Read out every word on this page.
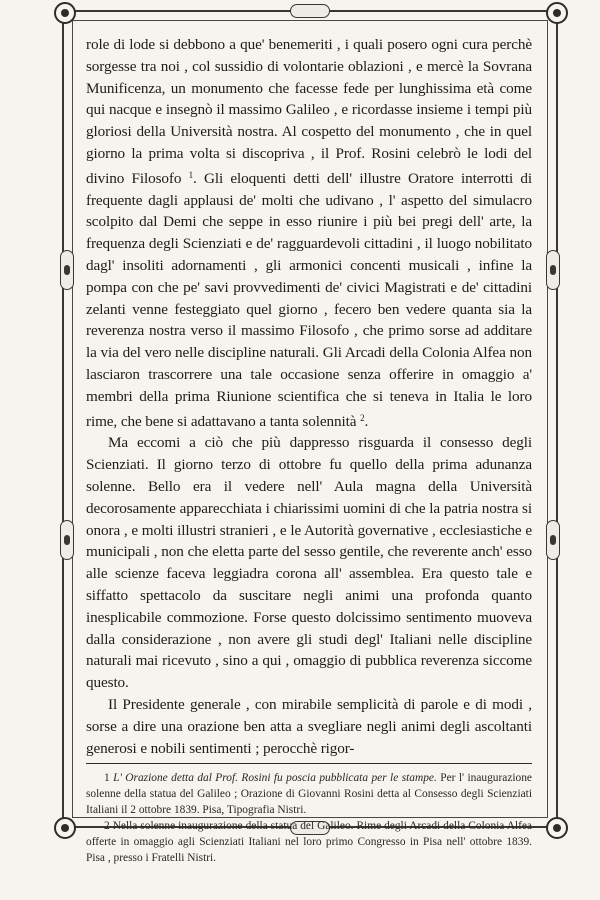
role di lode si debbono a que' benemeriti , i quali posero ogni cura perchè sorgesse tra noi , col sussidio di volontarie oblazioni , e mercè la Sovrana Munificenza, un monumento che facesse fede per lunghissima età come qui nacque e insegnò il massimo Galileo , e ricordasse insieme i tempi più gloriosi della Università nostra. Al cospetto del monumento , che in quel giorno la prima volta si discopriva , il Prof. Rosini celebrò le lodi del divino Filosofo $^1$. Gli eloquenti detti dell' illustre Oratore interrotti di frequente dagli applausi de' molti che udivano , l' aspetto del simulacro scolpito dal Demi che seppe in esso riunire i più bei pregi dell' arte, la frequenza degli Scienziati e de' ragguardevoli cittadini , il luogo nobilitato dagl' insoliti adornamenti , gli armonici concenti musicali , infine la pompa con che pe' savi provvedimenti de' civici Magistrati e de' cittadini zelanti venne festeggiato quel giorno , fecero ben vedere quanta sia la reverenza nostra verso il massimo Filosofo , che primo sorse ad additare la via del vero nelle discipline naturali. Gli Arcadi della Colonia Alfea non lasciaron trascorrere una tale occasione senza offerire in omaggio a' membri della prima Riunione scientifica che si teneva in Italia le loro rime, che bene si adattavano a tanta solennità $^2$.

Ma eccomi a ciò che più dappresso risguarda il consesso degli Scienziati. Il giorno terzo di ottobre fu quello della prima adunanza solenne. Bello era il vedere nell' Aula magna della Università decorosamente apparecchiata i chiarissimi uomini di che la patria nostra si onora , e molti illustri stranieri , e le Autorità governative , ecclesiastiche e municipali , non che eletta parte del sesso gentile, che reverente anch' esso alle scienze faceva leggiadra corona all' assemblea. Era questo tale e siffatto spettacolo da suscitare negli animi una profonda quanto inesplicabile commozione. Forse questo dolcissimo sentimento muoveva dalla considerazione , non avere gli studi degl' Italiani nelle discipline naturali mai ricevuto , sino a qui , omaggio di pubblica reverenza siccome questo.

Il Presidente generale , con mirabile semplicità di parole e di modi , sorse a dire una orazione ben atta a svegliare negli animi degli ascoltanti generosi e nobili sentimenti ; perocchè rigor-

1 L' Orazione detta dal Prof. Rosini fu poscia pubblicata per le stampe. Per l' inaugurazione solenne della statua del Galileo ; Orazione di Giovanni Rosini detta al Consesso degli Scienziati Italiani il 2 ottobre 1839. Pisa, Tipografia Nistri.

2 Nella solenne inaugurazione della statua del Galileo. Rime degli Arcadi della Colonia Alfea offerte in omaggio agli Scienziati Italiani nel loro primo Congresso in Pisa nell' ottobre 1839. Pisa , presso i Fratelli Nistri.
